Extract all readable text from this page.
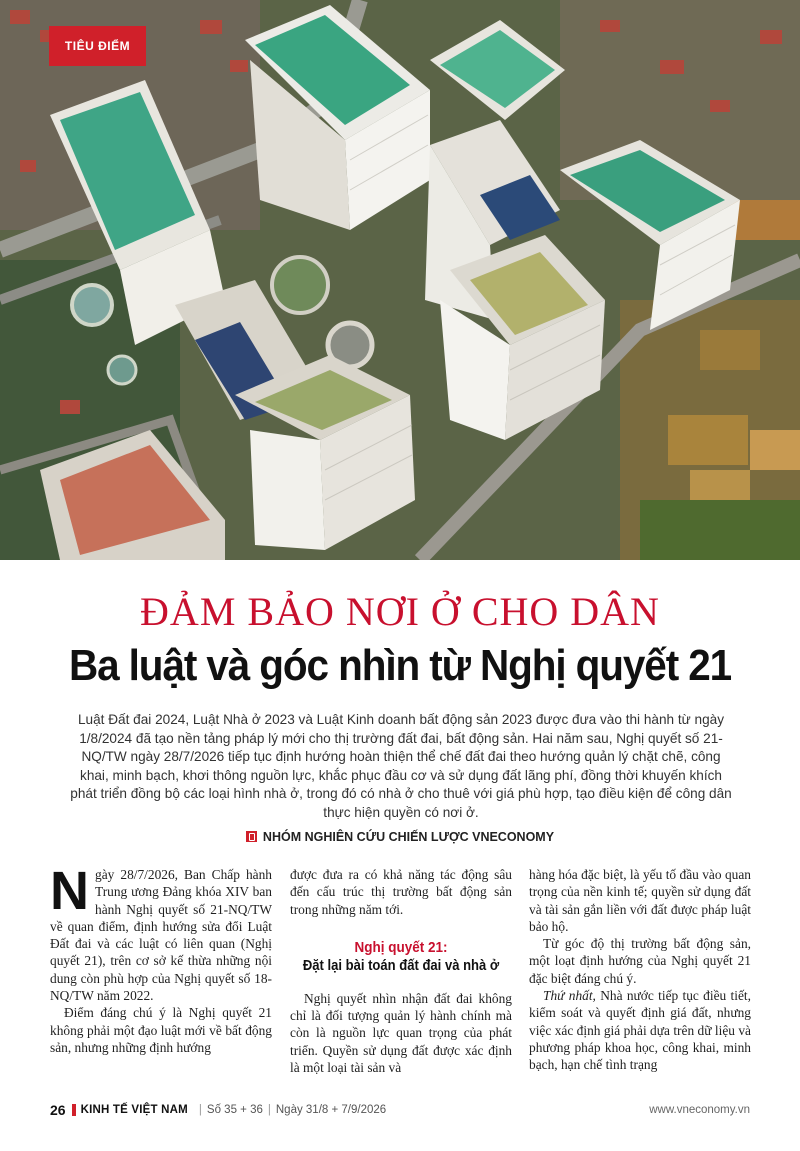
TIÊU ĐIỂM
ĐẢM BẢO NƠI Ở CHO DÂN
Ba luật và góc nhìn từ Nghị quyết 21
Luật Đất đai 2024, Luật Nhà ở 2023 và Luật Kinh doanh bất động sản 2023 được đưa vào thi hành từ ngày 1/8/2024 đã tạo nền tảng pháp lý mới cho thị trường đất đai, bất động sản. Hai năm sau, Nghị quyết số 21-NQ/TW ngày 28/7/2026 tiếp tục định hướng hoàn thiện thể chế đất đai theo hướng quản lý chặt chẽ, công khai, minh bạch, khơi thông nguồn lực, khắc phục đầu cơ và sử dụng đất lãng phí, đồng thời khuyến khích phát triển đồng bộ các loại hình nhà ở, trong đó có nhà ở cho thuê với giá phù hợp, tạo điều kiện để công dân thực hiện quyền có nơi ở.
NHÓM NGHIÊN CỨU CHIẾN LƯỢC VNECONOMY

Ngày 28/7/2026, Ban Chấp hành Trung ương Đảng khóa XIV ban hành Nghị quyết số 21-NQ/TW về quan điểm, định hướng sửa đổi Luật Đất đai và các luật có liên quan (Nghị quyết 21), trên cơ sở kế thừa những nội dung còn phù hợp của Nghị quyết số 18-NQ/TW năm 2022.

Điểm đáng chú ý là Nghị quyết 21 không phải một đạo luật mới về bất động sản, nhưng những định hướng

được đưa ra có khả năng tác động sâu đến cấu trúc thị trường bất động sản trong những năm tới.

Nghị quyết 21:
Đặt lại bài toán đất đai và nhà ở

Nghị quyết nhìn nhận đất đai không chỉ là đối tượng quản lý hành chính mà còn là nguồn lực quan trọng của phát triển. Quyền sử dụng đất được xác định là một loại tài sản và

hàng hóa đặc biệt, là yếu tố đầu vào quan trọng của nền kinh tế; quyền sử dụng đất và tài sản gắn liền với đất được pháp luật bảo hộ.

Từ góc độ thị trường bất động sản, một loạt định hướng của Nghị quyết 21 đặc biệt đáng chú ý.

Thứ nhất, Nhà nước tiếp tục điều tiết, kiểm soát và quyết định giá đất, nhưng việc xác định giá phải dựa trên dữ liệu và phương pháp khoa học, công khai, minh bạch, hạn chế tình trạng

26 KINH TẾ VIỆT NAM | Số 35 + 36 | Ngày 31/8 + 7/9/2026	www.vneconomy.vn
